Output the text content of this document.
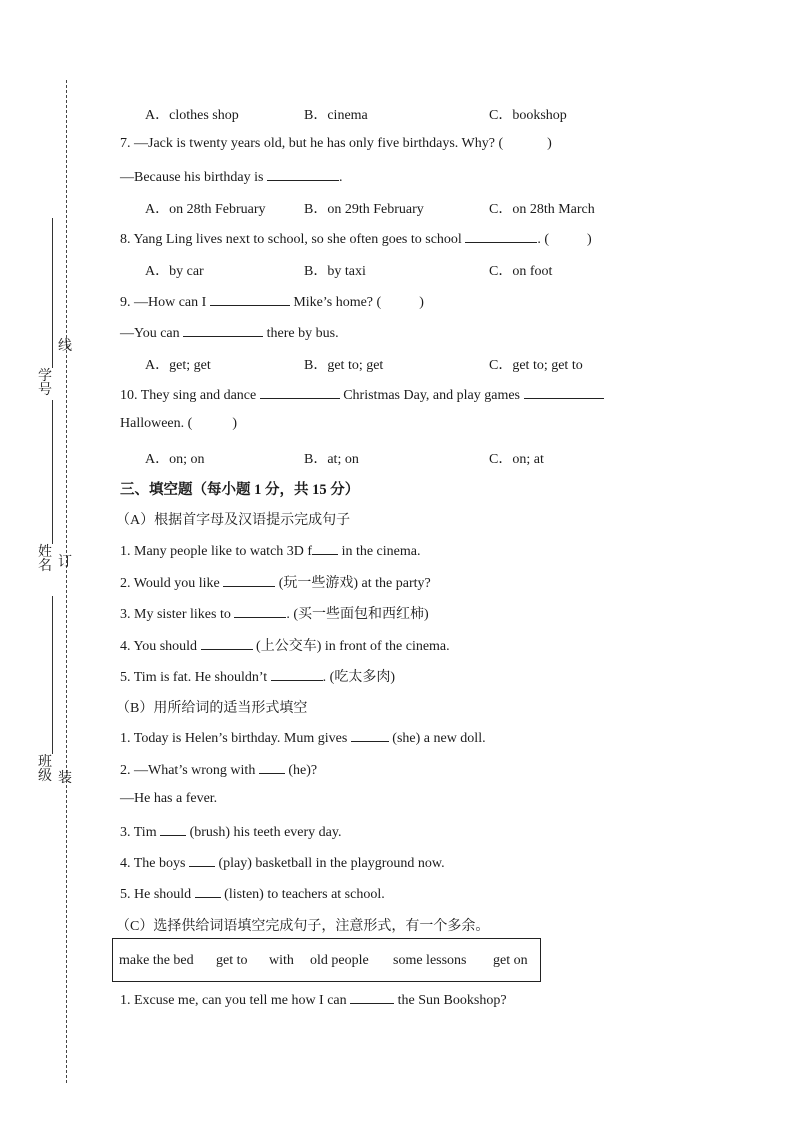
学
号
线
姓
名 订
班
级 装
A．clothes shop	B．cinema	C．bookshop
7. —Jack is twenty years old, but he has only five birthdays. Why? (	)
—Because his birthday is	.
A．on 28th February	B．on 29th February	C．on 28th March
8. Yang Ling lives next to school, so she often goes to school	. (	)
A．by car	B．by taxi	C．on foot
9. —How can I	Mike’s home? (	)
—You can	there by bus.
A．get; get	B．get to; get	C．get to; get to
10. They sing and dance	Christmas Day, and play games
Halloween. (	)
A．on; on	B．at; on	C．on; at
三、填空题（每小题 1 分，共 15 分）
（A）根据首字母及汉语提示完成句子
1. Many people like to watch 3D f in the cinema.
2. Would you like	(玩一些游戏) at the party?
3. My sister likes to	. (买一些面包和西红柿)
4. You should	(上公交车) in front of the cinema.
5. Tim is fat. He shouldn’t	. (吃太多肉)
（B）用所给词的适当形式填空
1. Today is Helen’s birthday. Mum gives	(she) a new doll.
2. —What’s wrong with  (he)?
—He has a fever.
3. Tim  (brush) his teeth every day.
4. The boys  (play) basketball in the playground now.
5. He should  (listen) to teachers at school.
（C）选择供给词语填空完成句子，注意形式，有一个多余。
make the bed get to with old people some lessons get on
1. Excuse me, can you tell me how I can	the Sun Bookshop?
